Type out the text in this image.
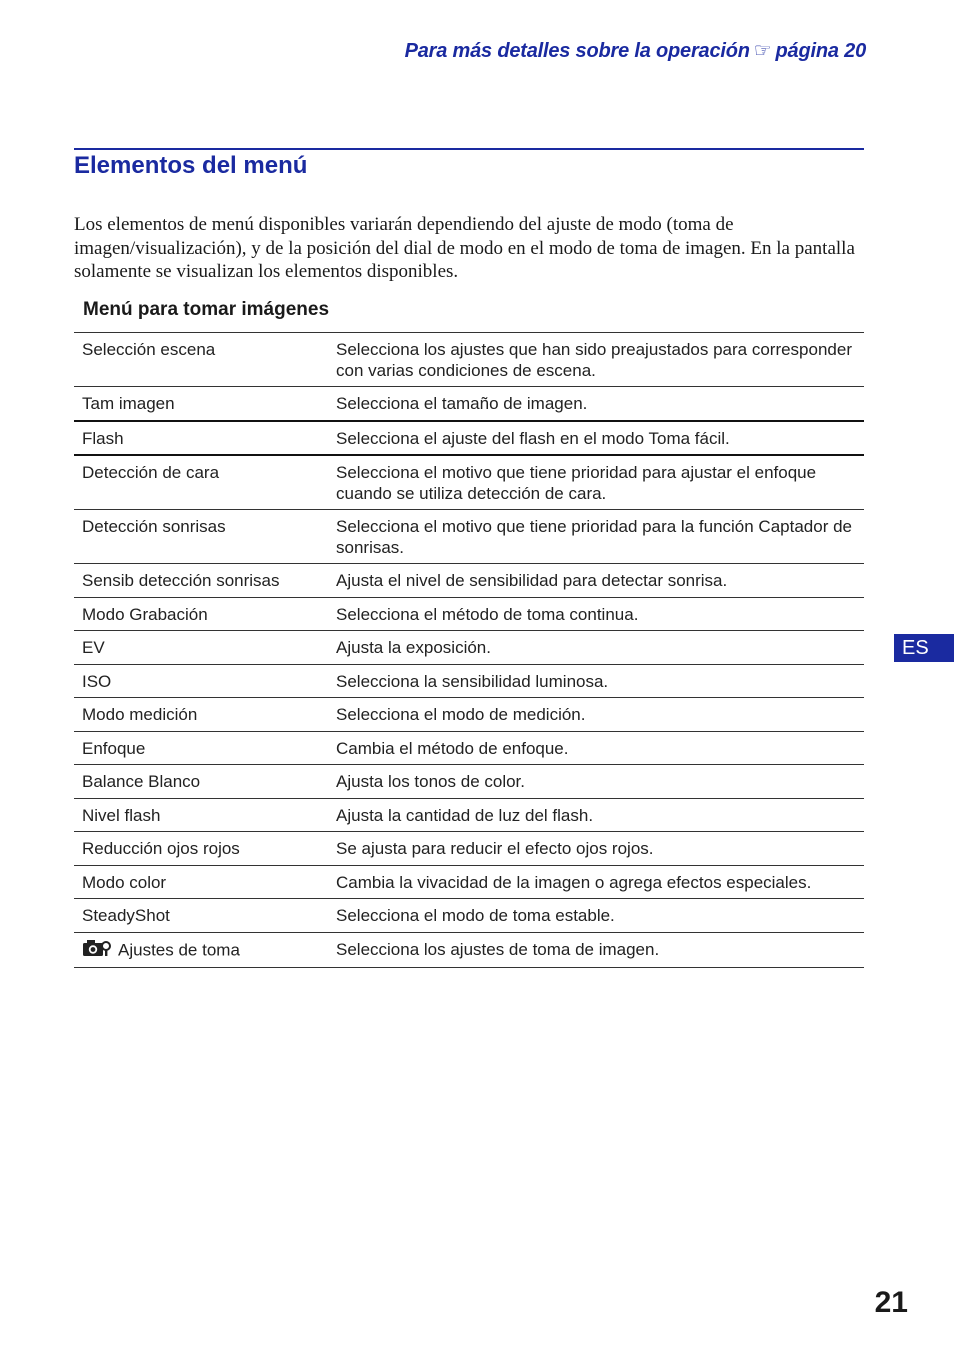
Para más detalles sobre la operación ☞ página 20
Elementos del menú

Los elementos de menú disponibles variarán dependiendo del ajuste de modo (toma de imagen/visualización), y de la posición del dial de modo en el modo de toma de imagen. En la pantalla solamente se visualizan los elementos disponibles.

Menú para tomar imágenes
Selección escena	Selecciona los ajustes que han sido preajustados para corresponder con varias condiciones de escena.
Tam imagen	Selecciona el tamaño de imagen.
Flash	Selecciona el ajuste del flash en el modo Toma fácil.
Detección de cara	Selecciona el motivo que tiene prioridad para ajustar el enfoque cuando se utiliza detección de cara.
Detección sonrisas	Selecciona el motivo que tiene prioridad para la función Captador de sonrisas.
Sensib detección sonrisas	Ajusta el nivel de sensibilidad para detectar sonrisa.
Modo Grabación	Selecciona el método de toma continua.
EV	Ajusta la exposición.
ISO	Selecciona la sensibilidad luminosa.
Modo medición	Selecciona el modo de medición.
Enfoque	Cambia el método de enfoque.
Balance Blanco	Ajusta los tonos de color.
Nivel flash	Ajusta la cantidad de luz del flash.
Reducción ojos rojos	Se ajusta para reducir el efecto ojos rojos.
Modo color	Cambia la vivacidad de la imagen o agrega efectos especiales.
SteadyShot	Selecciona el modo de toma estable.
Ajustes de toma	Selecciona los ajustes de toma de imagen.
ES
21
